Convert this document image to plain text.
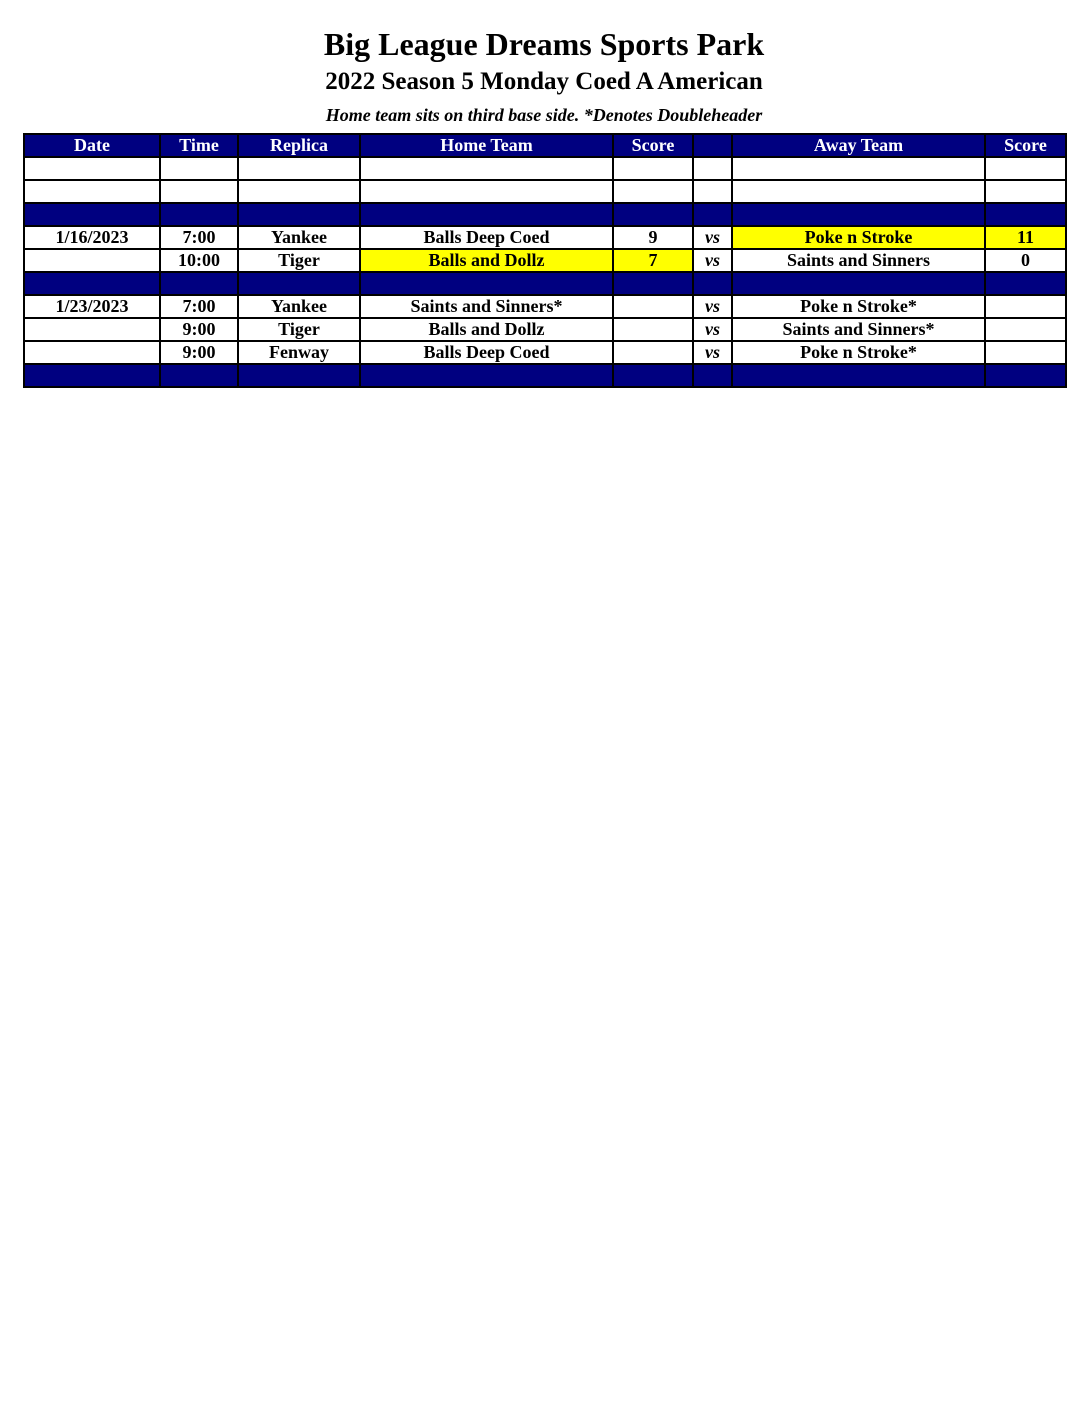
Big League Dreams Sports Park
2022 Season 5 Monday Coed A American
Home team sits on third base side. *Denotes Doubleheader
Date	Time	Replica	Home Team	Score		Away Team	Score

1/16/2023	7:00	Yankee	Balls Deep Coed	9	vs	Poke n Stroke	11
	10:00	Tiger	Balls and Dollz	7	vs	Saints and Sinners	0

1/23/2023	7:00	Yankee	Saints and Sinners*		vs	Poke n Stroke*	
	9:00	Tiger	Balls and Dollz		vs	Saints and Sinners*	
	9:00	Fenway	Balls Deep Coed		vs	Poke n Stroke*	
